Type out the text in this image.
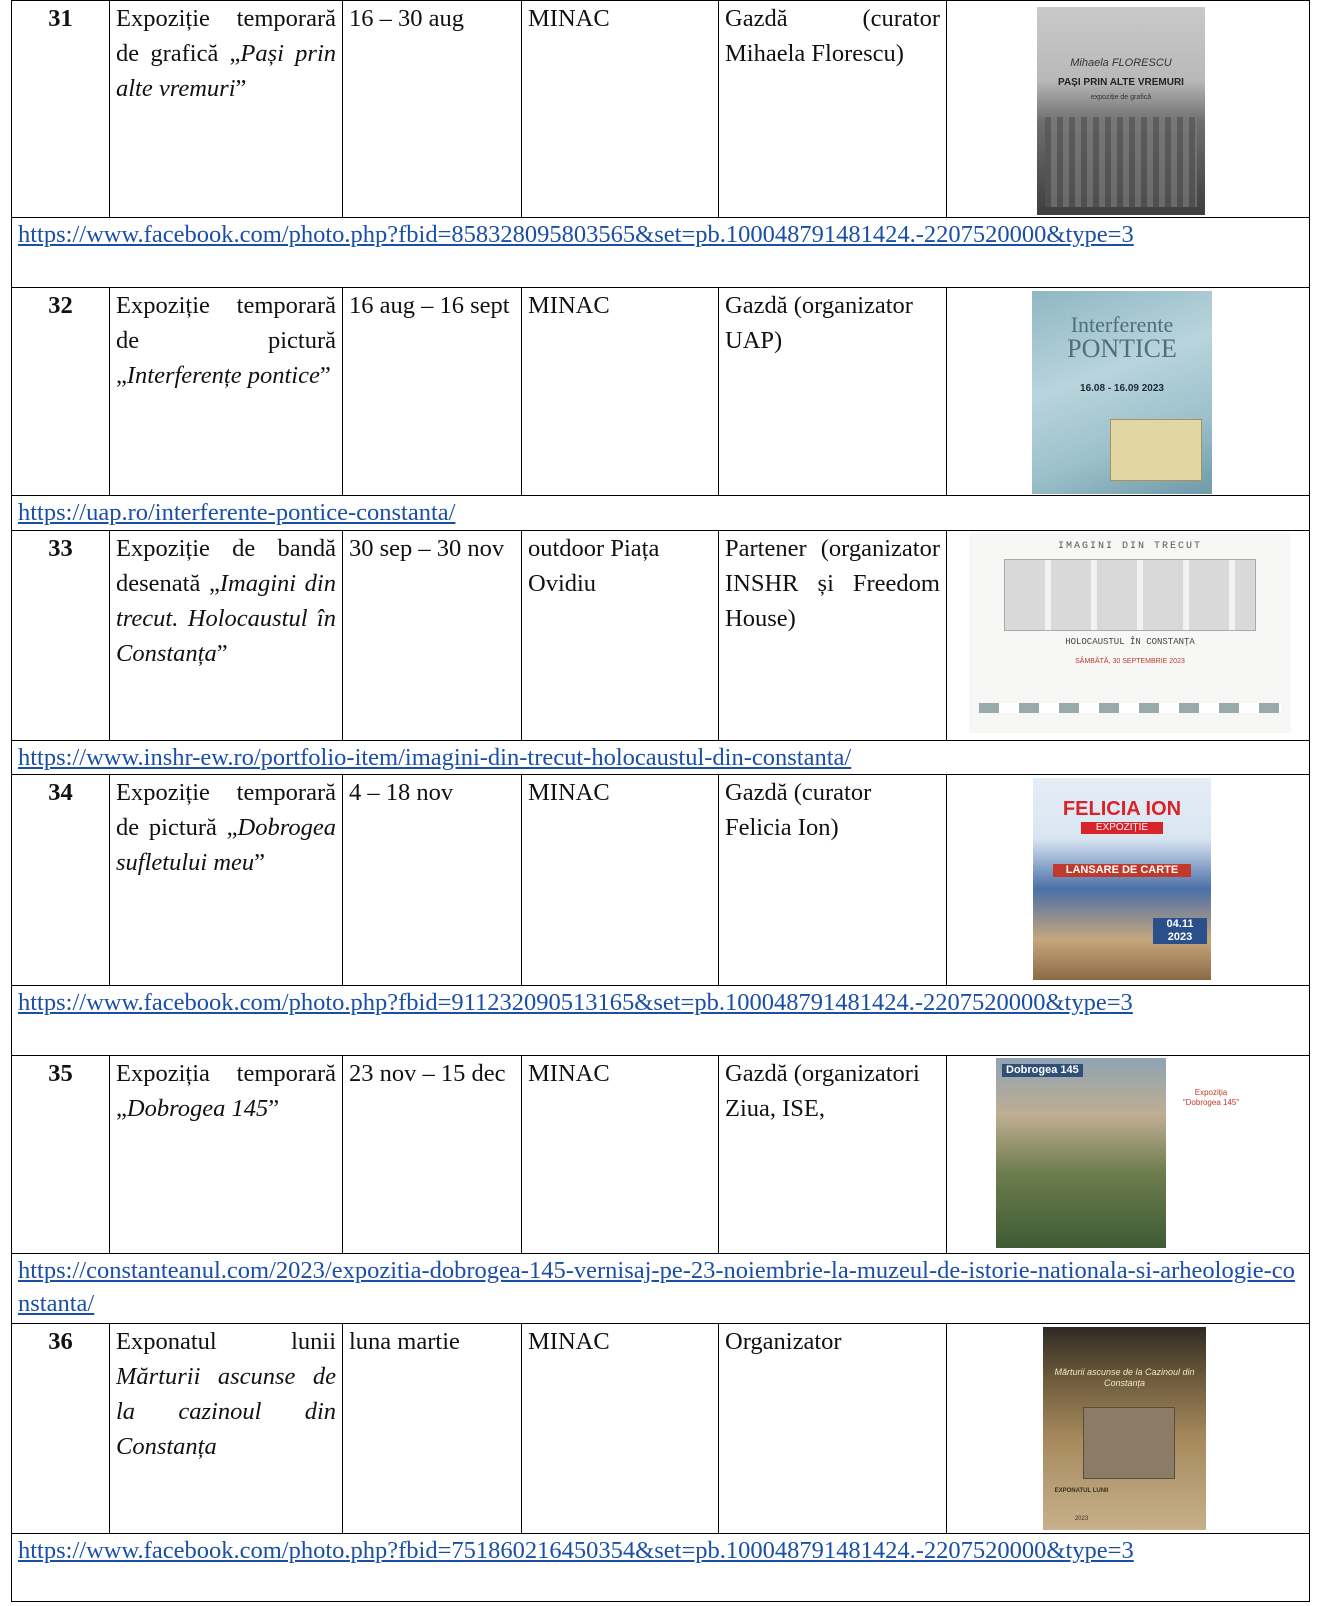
31	Expoziție temporară de grafică „Pași prin alte vremuri”	16 – 30 aug	MINAC	Gazdă (curator Mihaela Florescu)	Mihaela FLORESCU
PAȘI PRIN ALTE VREMURI
expoziție de grafică

https://www.facebook.com/photo.php?fbid=858328095803565&set=pb.100048791481424.-2207520000&type=3					
32	Expoziție temporară de pictură „Interferențe pontice”	16 aug – 16 sept	MINAC	Gazdă (organizator UAP)	Interferente
PONTICE
16.08 - 16.09 2023

https://uap.ro/interferente-pontice-constanta/					
33	Expoziție de bandă desenată „Imagini din trecut. Holocaustul în Constanța”	30 sep – 30 nov	outdoor Piața Ovidiu	Partener (organizator INSHR și Freedom House)	IMAGINI DIN TRECUT
HOLOCAUSTUL ÎN CONSTANȚA
SÂMBĂTĂ, 30 SEPTEMBRIE 2023

https://www.inshr-ew.ro/portfolio-item/imagini-din-trecut-holocaustul-din-constanta/					
34	Expoziție temporară de pictură „Dobrogea sufletului meu”	4 – 18 nov	MINAC	Gazdă (curator Felicia Ion)	FELICIA ION
EXPOZIȚIE
LANSARE DE CARTE
04.11 2023

https://www.facebook.com/photo.php?fbid=911232090513165&set=pb.100048791481424.-2207520000&type=3					
35	Expoziția temporară „Dobrogea 145”	23 nov – 15 dec	MINAC	Gazdă (organizatori Ziua, ISE,	Dobrogea 145
Expoziția
"Dobrogea 145"

https://constanteanul.com/2023/expozitia-dobrogea-145-vernisaj-pe-23-noiembrie-la-muzeul-de-istorie-nationala-si-arheologie-constanta/					
36	Exponatul lunii Mărturii ascunse de la cazinoul din Constanța	luna martie	MINAC	Organizator	Mărturii ascunse de la Cazinoul din Constanța
EXPONATUL LUNII
2023

https://www.facebook.com/photo.php?fbid=751860216450354&set=pb.100048791481424.-2207520000&type=3					
